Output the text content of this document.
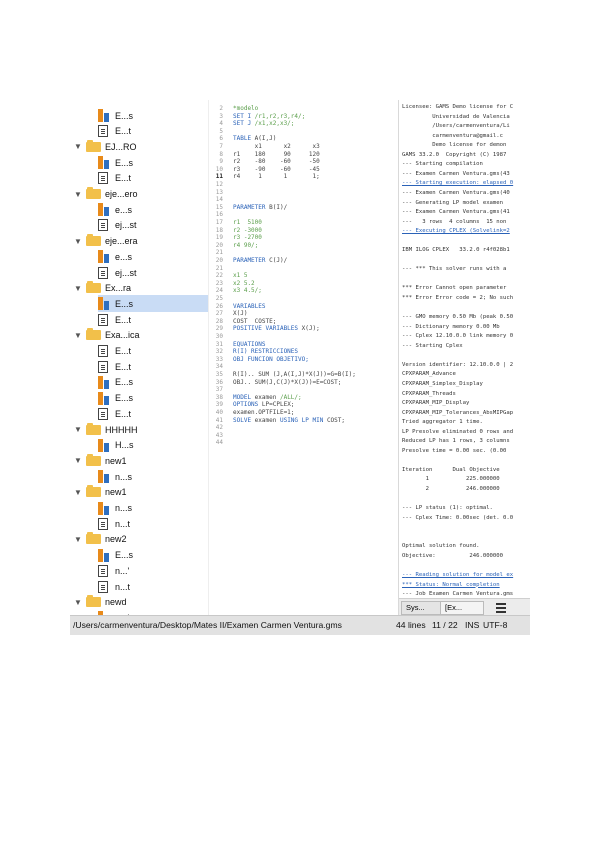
E...s
E...t
▼	EJ...RO
E...s
E...t
▼	eje...ero
e...s
ej...st
▼	eje...era
e...s
ej...st
▼	Ex...ra
E...s
E...t
▼	Exa...ica
E...t
E...t
E...s
E...s
E...t
▼	HHHHH
H...s
▼	new1
n...s
▼	new1
n...s
n...t
▼	new2
E...s
n...'
n...t
▼	newd
2 *modelo
3 SET I /r1,r2,r3,r4/;
4 SET J /x1,x2,x3/;
5
6 TABLE A(I,J)
7      x1      x2      x3
8 r1    180     90     120
9 r2    -80    -60     -50
10 r3    -90    -60     -45
11 r4     1      1       1;
12
13
14
15 PARAMETER B(I)/
16
17 r1  5100
18 r2 -3000
19 r3 -2700
20 r4 90/;
21
20 PARAMETER C(J)/
21
22 x1 5
23 x2 5.2
24 x3 4.5/;
25
26 VARIABLES
27 X(J)
28 COST  COSTE;
29 POSITIVE VARIABLES X(J);
30
31 EQUATIONS
32 R(I) RESTRICCIONES
33 OBJ FUNCION OBJETIVO;
34
35 R(I).. SUM (J,A(I,J)*X(J))=G=B(I);
36 OBJ.. SUM(J,C(J)*X(J))=E=COST;
37
38 MODEL examen /ALL/;
39 OPTIONS LP=CPLEX;
40 examen.OPTFILE=1;
41 SOLVE examen USING LP MIN COST;
42
43
44
Licensee: GAMS Demo license for C
Universidad de Valencia
/Users/carmenventura/Li
carmenventura@gmail.c
Demo license for demon
GAMS 33.2.0  Copyright (C) 1987
--- Starting compilation
--- Examen Carmen Ventura.gms(43
--- Starting execution: elapsed 0
--- Examen Carmen Ventura.gms(40
--- Generating LP model examen
--- Examen Carmen Ventura.gms(41
---   3 rows  4 columns  15 non
--- Executing CPLEX (Solvelink=2
IBM ILOG CPLEX   33.2.0 r4f028b1
--- *** This solver runs with a
*** Error Cannot open parameter
*** Error Error code = 2; No such
--- GMO memory 0.50 Mb (peak 0.50
--- Dictionary memory 0.00 Mb
--- Cplex 12.10.0.0 link memory 0
--- Starting Cplex
Version identifier: 12.10.0.0 | 2
CPXPARAM_Advance
CPXPARAM_Simplex_Display
CPXPARAM_Threads
CPXPARAM_MIP_Display
CPXPARAM_MIP_Tolerances_AbsMIPGap
Tried aggregator 1 time.
LP Presolve eliminated 0 rows and
Reduced LP has 1 rows, 3 columns
Presolve time = 0.00 sec. (0.00
Iteration      Dual Objective
1           225.000000
2           246.000000
--- LP status (1): optimal.
--- Cplex Time: 0.00sec (det. 0.0
Optimal solution found.
Objective:          246.000000
--- Reading solution for model ex
*** Status: Normal completion
--- Job Examen Carmen Ventura.gms
Sys...	[Ex...
/Users/carmenventura/Desktop/Mates II/Examen Carmen Ventura.gms	44 lines 11 / 22 INS UTF-8
